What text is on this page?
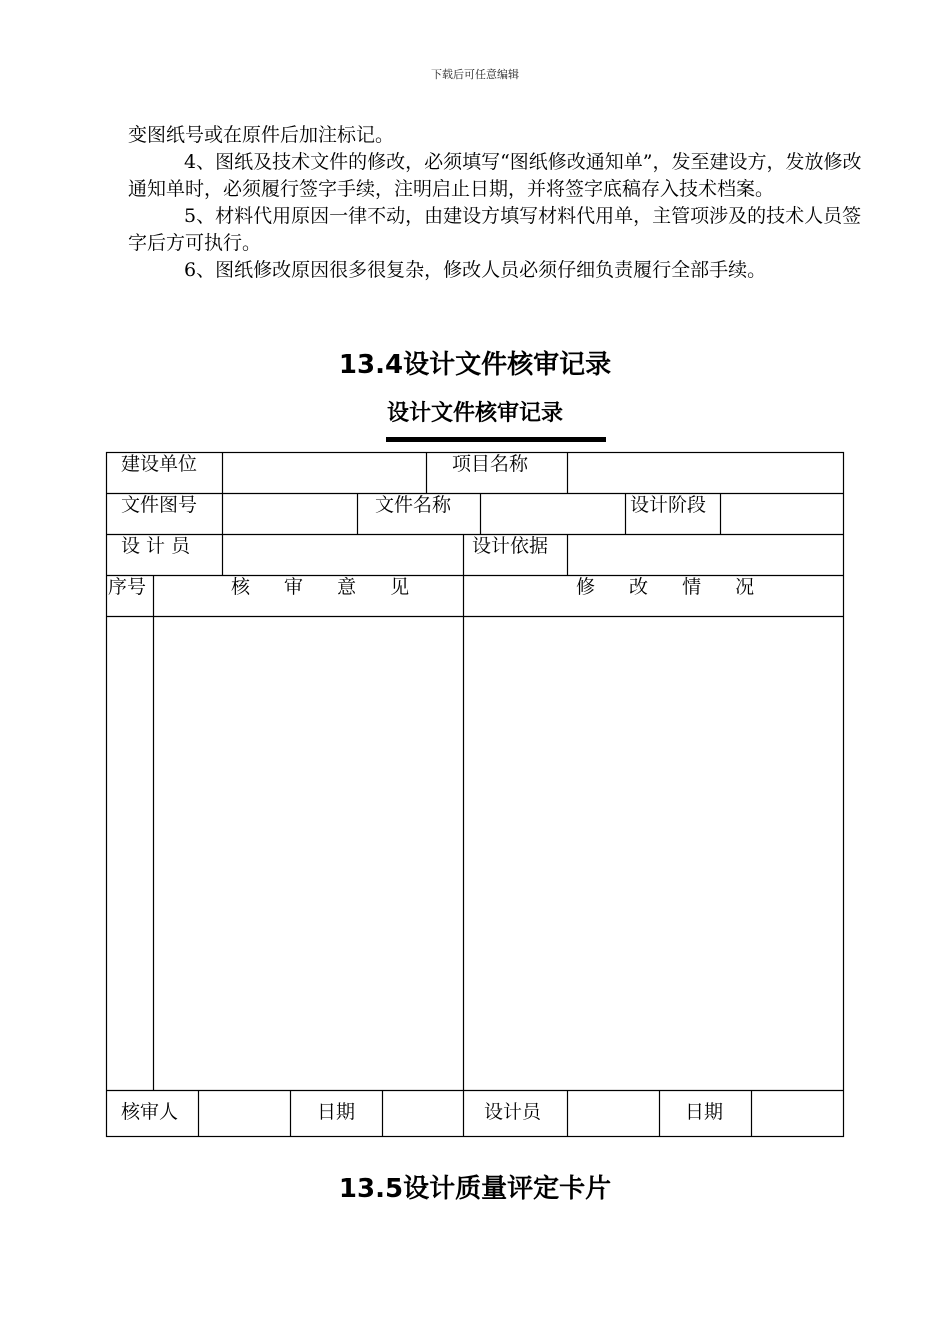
下载后可任意编辑
变图纸号或在原件后加注标记。
4、图纸及技术文件的修改，必须填写“图纸修改通知单”，发至建设方，发放修改通知单时，必须履行签字手续，注明启止日期，并将签字底稿存入技术档案。
5、材料代用原因一律不动，由建设方填写材料代用单，主管项涉及的技术人员签字后方可执行。
6、图纸修改原因很多很复杂，修改人员必须仔细负责履行全部手续。
13.4设计文件核审记录
设计文件核审记录
建设单位	项目名称
文件图号	文件名称	设计阶段
设 计 员	设计依据
序号	核 审 意 见	修 改 情 况
核审人	日期	设计员	日期
13.5设计质量评定卡片
